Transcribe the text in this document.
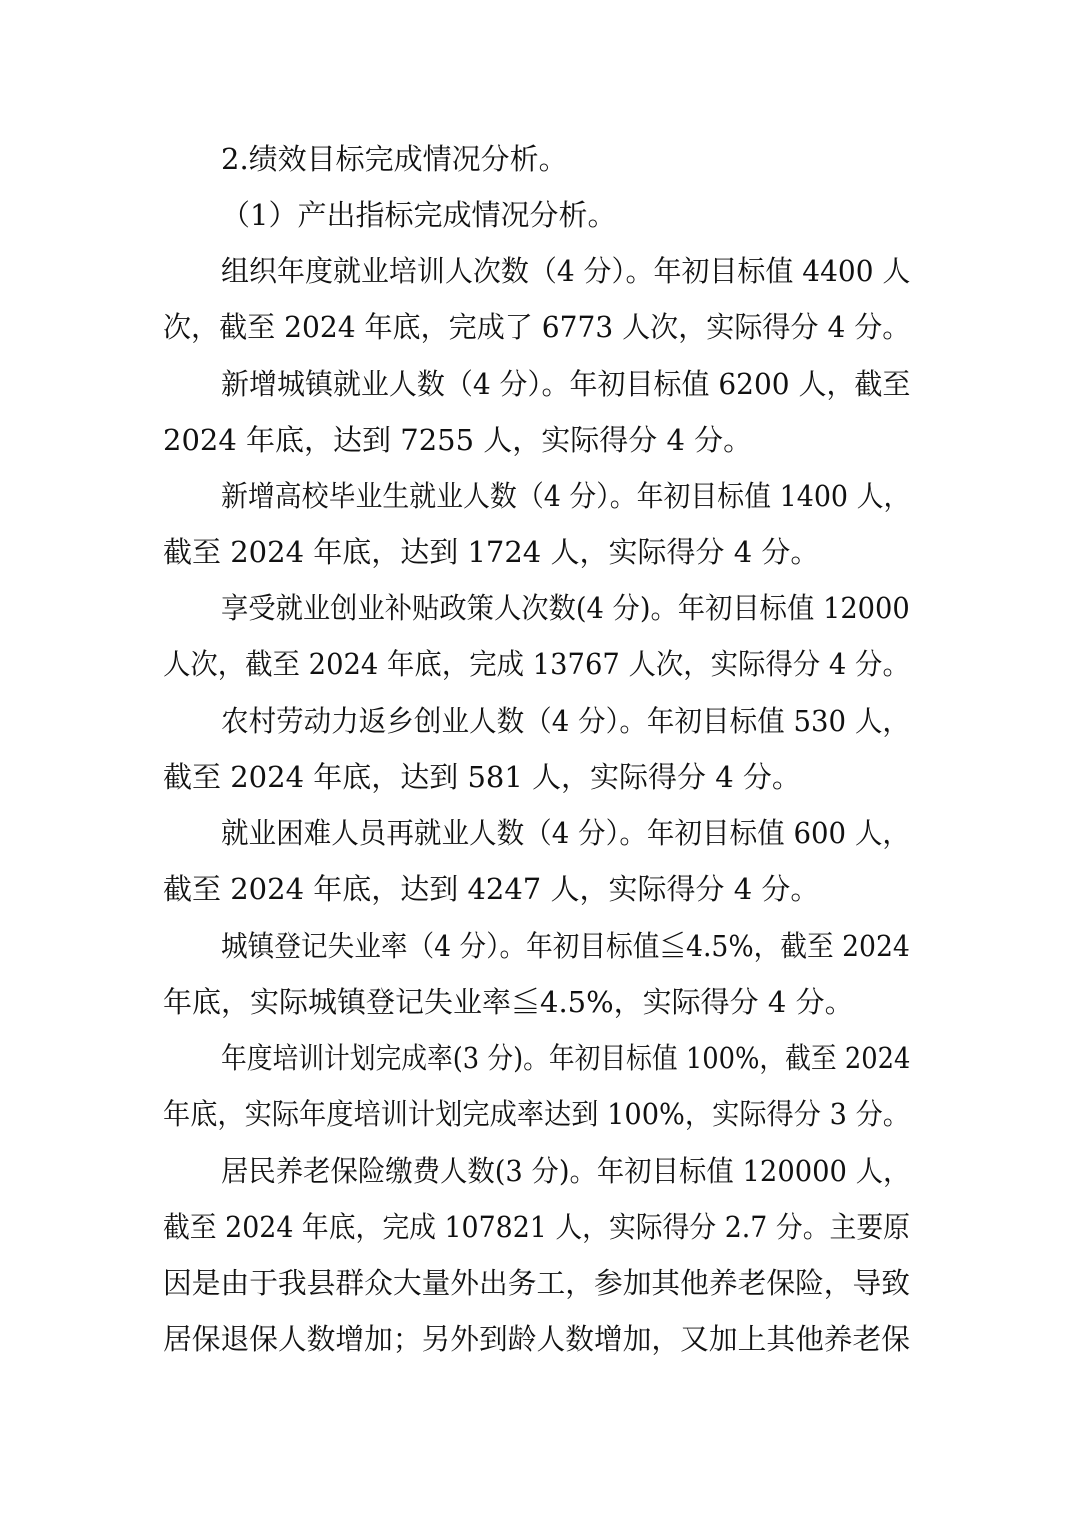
2.绩效目标完成情况分析。
（1）产出指标完成情况分析。
组织年度就业培训人次数（4 分）。年初目标值 4400 人
次，截至 2024 年底，完成了 6773 人次，实际得分 4 分。
新增城镇就业人数（4 分）。年初目标值 6200 人，截至
2024 年底，达到 7255 人，实际得分 4 分。
新增高校毕业生就业人数（4 分）。年初目标值 1400 人，
截至 2024 年底，达到 1724 人，实际得分 4 分。
享受就业创业补贴政策人次数(4 分)。年初目标值 12000
人次，截至 2024 年底，完成 13767 人次，实际得分 4 分。
农村劳动力返乡创业人数（4 分）。年初目标值 530 人，
截至 2024 年底，达到 581 人，实际得分 4 分。
就业困难人员再就业人数（4 分）。年初目标值 600 人，
截至 2024 年底，达到 4247 人，实际得分 4 分。
城镇登记失业率（4 分）。年初目标值≦4.5%，截至 2024
年底，实际城镇登记失业率≦4.5%，实际得分 4 分。
年度培训计划完成率(3 分)。年初目标值 100%，截至 2024
年底，实际年度培训计划完成率达到 100%，实际得分 3 分。
居民养老保险缴费人数(3 分)。年初目标值 120000 人，
截至 2024 年底，完成 107821 人，实际得分 2.7 分。主要原
因是由于我县群众大量外出务工，参加其他养老保险，导致
居保退保人数增加；另外到龄人数增加，又加上其他养老保
